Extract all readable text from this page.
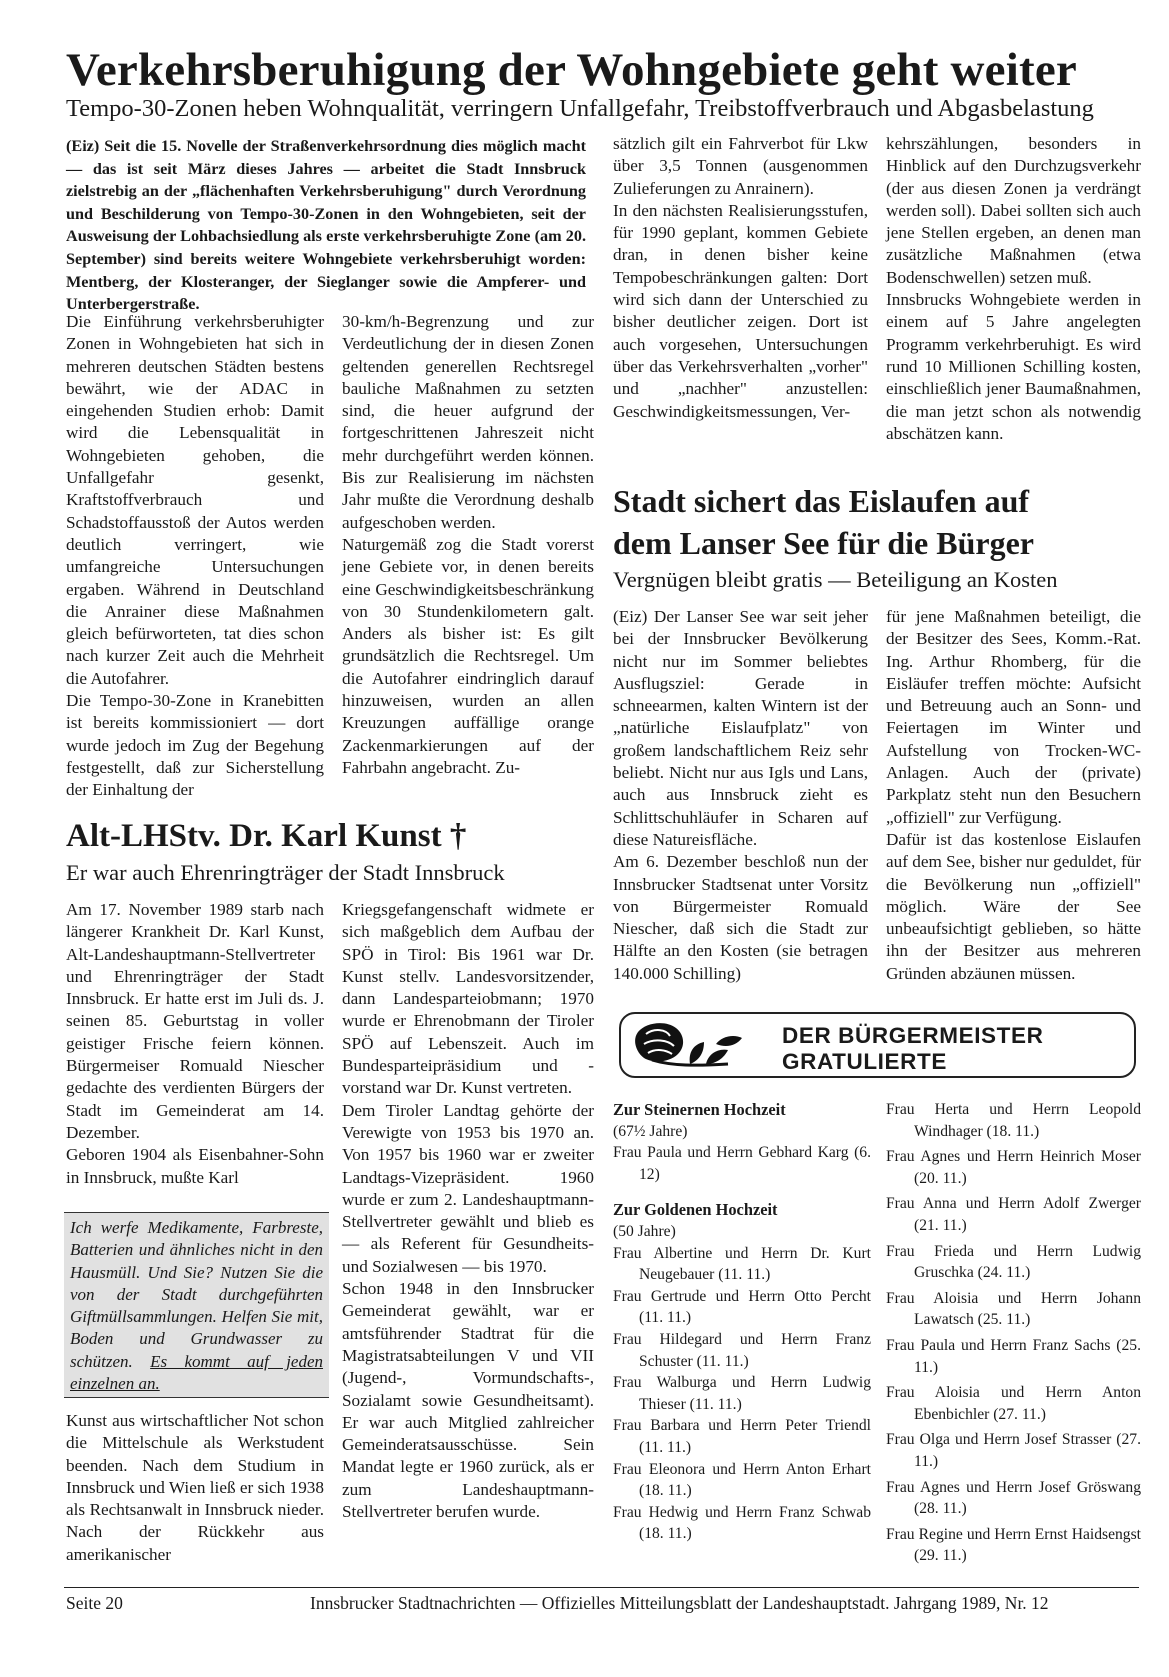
Verkehrsberuhigung der Wohngebiete geht weiter
Tempo-30-Zonen heben Wohnqualität, verringern Unfallgefahr, Treibstoffverbrauch und Abgasbelastung

(Eiz) Seit die 15. Novelle der Straßenverkehrsordnung dies möglich macht — das ist seit März dieses Jahres — arbeitet die Stadt Innsbruck zielstrebig an der „flächenhaften Verkehrsberuhigung" durch Verordnung und Beschilderung von Tempo-30-Zonen in den Wohngebieten, seit der Ausweisung der Lohbachsiedlung als erste verkehrsberuhigte Zone (am 20. September) sind bereits weitere Wohngebiete verkehrsberuhigt worden: Mentberg, der Klosteranger, der Sieglanger sowie die Ampferer- und Unterbergerstraße.

Die Einführung verkehrsberuhigter Zonen in Wohngebieten hat sich in mehreren deutschen Städten bestens bewährt, wie der ADAC in eingehenden Studien erhob: Damit wird die Lebensqualität in Wohngebieten gehoben, die Unfallgefahr gesenkt, Kraftstoffverbrauch und Schadstoffausstoß der Autos werden deutlich verringert, wie umfangreiche Untersuchungen ergaben. Während in Deutschland die Anrainer diese Maßnahmen gleich befürworteten, tat dies schon nach kurzer Zeit auch die Mehrheit die Autofahrer.

Die Tempo-30-Zone in Kranebitten ist bereits kommissioniert — dort wurde jedoch im Zug der Begehung festgestellt, daß zur Sicherstellung der Einhaltung der

30-km/h-Begrenzung und zur Verdeutlichung der in diesen Zonen geltenden generellen Rechtsregel bauliche Maßnahmen zu setzten sind, die heuer aufgrund der fortgeschrittenen Jahreszeit nicht mehr durchgeführt werden können. Bis zur Realisierung im nächsten Jahr mußte die Verordnung deshalb aufgeschoben werden.

Naturgemäß zog die Stadt vorerst jene Gebiete vor, in denen bereits eine Geschwindigkeitsbeschränkung von 30 Stundenkilometern galt. Anders als bisher ist: Es gilt grundsätzlich die Rechtsregel. Um die Autofahrer eindringlich darauf hinzuweisen, wurden an allen Kreuzungen auffällige orange Zackenmarkierungen auf der Fahrbahn angebracht. Zu-

sätzlich gilt ein Fahrverbot für Lkw über 3,5 Tonnen (ausgenommen Zulieferungen zu Anrainern).

In den nächsten Realisierungsstufen, für 1990 geplant, kommen Gebiete dran, in denen bisher keine Tempobeschränkungen galten: Dort wird sich dann der Unterschied zu bisher deutlicher zeigen. Dort ist auch vorgesehen, Untersuchungen über das Verkehrsverhalten „vorher" und „nachher" anzustellen: Geschwindigkeitsmessungen, Ver-

kehrszählungen, besonders in Hinblick auf den Durchzugsverkehr (der aus diesen Zonen ja verdrängt werden soll). Dabei sollten sich auch jene Stellen ergeben, an denen man zusätzliche Maßnahmen (etwa Bodenschwellen) setzen muß.

Innsbrucks Wohngebiete werden in einem auf 5 Jahre angelegten Programm verkehrberuhigt. Es wird rund 10 Millionen Schilling kosten, einschließlich jener Baumaßnahmen, die man jetzt schon als notwendig abschätzen kann.

Alt-LHStv. Dr. Karl Kunst †
Er war auch Ehrenringträger der Stadt Innsbruck

Am 17. November 1989 starb nach längerer Krankheit Dr. Karl Kunst, Alt-Landeshauptmann-Stellvertreter und Ehrenringträger der Stadt Innsbruck. Er hatte erst im Juli ds. J. seinen 85. Geburtstag in voller geistiger Frische feiern können. Bürgermeiser Romuald Niescher gedachte des verdienten Bürgers der Stadt im Gemeinderat am 14. Dezember.

Geboren 1904 als Eisenbahner-Sohn in Innsbruck, mußte Karl

Ich werfe Medikamente, Farbreste, Batterien und ähnliches nicht in den Hausmüll. Und Sie? Nutzen Sie die von der Stadt durchgeführten Giftmüllsammlungen. Helfen Sie mit, Boden und Grundwasser zu schützen. Es kommt auf jeden einzelnen an.

Kunst aus wirtschaftlicher Not schon die Mittelschule als Werkstudent beenden. Nach dem Studium in Innsbruck und Wien ließ er sich 1938 als Rechtsanwalt in Innsbruck nieder. Nach der Rückkehr aus amerikanischer

Kriegsgefangenschaft widmete er sich maßgeblich dem Aufbau der SPÖ in Tirol: Bis 1961 war Dr. Kunst stellv. Landesvorsitzender, dann Landesparteiobmann; 1970 wurde er Ehrenobmann der Tiroler SPÖ auf Lebenszeit. Auch im Bundesparteipräsidium und -vorstand war Dr. Kunst vertreten.

Dem Tiroler Landtag gehörte der Verewigte von 1953 bis 1970 an. Von 1957 bis 1960 war er zweiter Landtags-Vizepräsident. 1960 wurde er zum 2. Landeshauptmann-Stellvertreter gewählt und blieb es — als Referent für Gesundheits- und Sozialwesen — bis 1970.

Schon 1948 in den Innsbrucker Gemeinderat gewählt, war er amtsführender Stadtrat für die Magistratsabteilungen V und VII (Jugend-, Vormundschafts-, Sozialamt sowie Gesundheitsamt). Er war auch Mitglied zahlreicher Gemeinderatsausschüsse. Sein Mandat legte er 1960 zurück, als er zum Landeshauptmann-Stellvertreter berufen wurde.

Stadt sichert das Eislaufen auf
dem Lanser See für die Bürger
Vergnügen bleibt gratis — Beteiligung an Kosten

(Eiz) Der Lanser See war seit jeher bei der Innsbrucker Bevölkerung nicht nur im Sommer beliebtes Ausflugsziel: Gerade in schneearmen, kalten Wintern ist der „natürliche Eislaufplatz" von großem landschaftlichem Reiz sehr beliebt. Nicht nur aus Igls und Lans, auch aus Innsbruck zieht es Schlittschuhläufer in Scharen auf diese Natureisfläche.

Am 6. Dezember beschloß nun der Innsbrucker Stadtsenat unter Vorsitz von Bürgermeister Romuald Niescher, daß sich die Stadt zur Hälfte an den Kosten (sie betragen 140.000 Schilling)

für jene Maßnahmen beteiligt, die der Besitzer des Sees, Komm.-Rat. Ing. Arthur Rhomberg, für die Eisläufer treffen möchte: Aufsicht und Betreuung auch an Sonn- und Feiertagen im Winter und Aufstellung von Trocken-WC-Anlagen. Auch der (private) Parkplatz steht nun den Besuchern „offiziell" zur Verfügung.

Dafür ist das kostenlose Eislaufen auf dem See, bisher nur geduldet, für die Bevölkerung nun „offiziell" möglich. Wäre der See unbeaufsichtigt geblieben, so hätte ihn der Besitzer aus mehreren Gründen abzäunen müssen.

DER BÜRGERMEISTER
GRATULIERTE
Zur Steinernen Hochzeit
(67½ Jahre)
Frau Paula und Herrn Gebhard Karg (6. 12)
Zur Goldenen Hochzeit
(50 Jahre)
Frau Albertine und Herrn Dr. Kurt Neugebauer (11. 11.)
Frau Gertrude und Herrn Otto Percht (11. 11.)
Frau Hildegard und Herrn Franz Schuster (11. 11.)
Frau Walburga und Herrn Ludwig Thieser (11. 11.)
Frau Barbara und Herrn Peter Triendl (11. 11.)
Frau Eleonora und Herrn Anton Erhart (18. 11.)
Frau Hedwig und Herrn Franz Schwab (18. 11.)
Frau Herta und Herrn Leopold Windhager (18. 11.)
Frau Agnes und Herrn Heinrich Moser (20. 11.)
Frau Anna und Herrn Adolf Zwerger (21. 11.)
Frau Frieda und Herrn Ludwig Gruschka (24. 11.)
Frau Aloisia und Herrn Johann Lawatsch (25. 11.)
Frau Paula und Herrn Franz Sachs (25. 11.)
Frau Aloisia und Herrn Anton Ebenbichler (27. 11.)
Frau Olga und Herrn Josef Strasser (27. 11.)
Frau Agnes und Herrn Josef Gröswang (28. 11.)
Frau Regine und Herrn Ernst Haidsengst (29. 11.)
Seite 20	Innsbrucker Stadtnachrichten — Offizielles Mitteilungsblatt der Landeshauptstadt. Jahrgang 1989, Nr. 12
